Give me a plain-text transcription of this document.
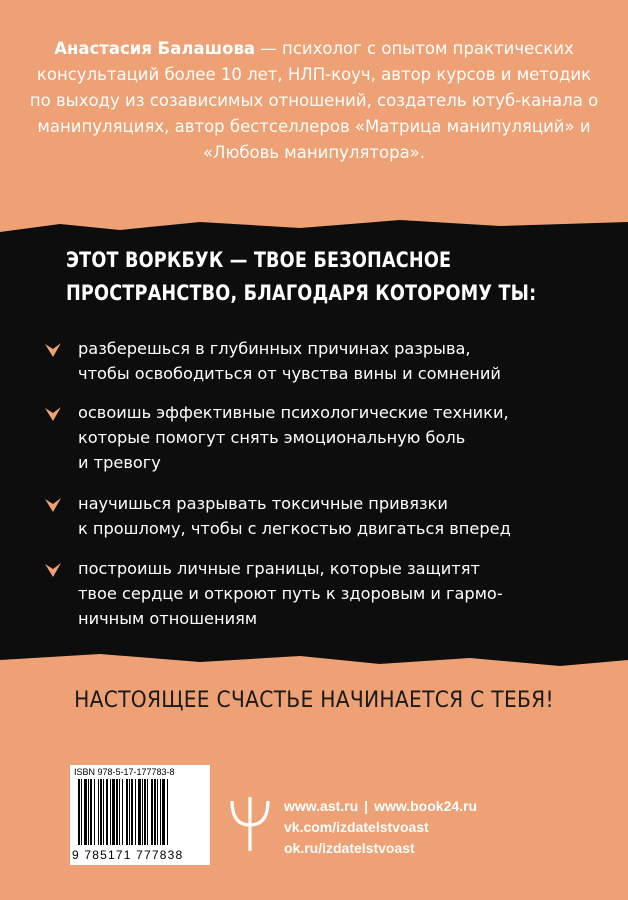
Анастасия Балашова — психолог с опытом практических консультаций более 10 лет, НЛП-коуч, автор курсов и методик по выходу из созависимых отношений, создатель ютуб-канала о манипуляциях, автор бестселлеров «Матрица манипуляций» и «Любовь манипулятора».
ЭТОТ ВОРКБУК — ТВОЕ БЕЗОПАСНОЕ
ПРОСТРАНСТВО, БЛАГОДАРЯ КОТОРОМУ ТЫ:
разберешься в глубинных причинах разрыва,
чтобы освободиться от чувства вины и сомнений
освоишь эффективные психологические техники,
которые помогут снять эмоциональную боль
и тревогу
научишься разрывать токсичные привязки
к прошлому, чтобы с легкостью двигаться вперед
построишь личные границы, которые защитят
твое сердце и откроют путь к здоровым и гармо-
ничным отношениям
НАСТОЯЩЕЕ СЧАСТЬЕ НАЧИНАЕТСЯ С ТЕБЯ!
ISBN 978-5-17-177783-8
9 785171 777838
www.ast.ru | www.book24.ru
vk.com/izdatelstvoast
ok.ru/izdatelstvoast
